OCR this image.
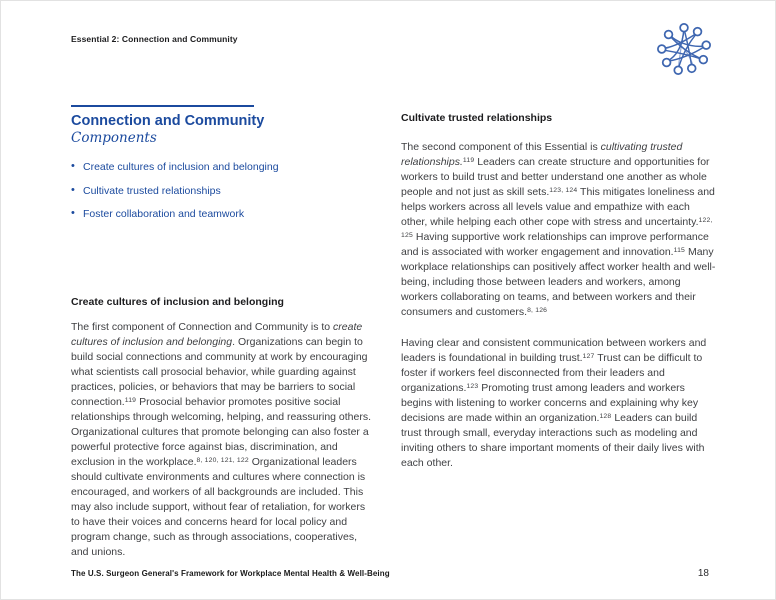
Essential 2: Connection and Community
Connection and Community
Components
• Create cultures of inclusion and belonging
• Cultivate trusted relationships
• Foster collaboration and teamwork
Create cultures of inclusion and belonging

The first component of Connection and Community is to create cultures of inclusion and belonging. Organizations can begin to build social connections and community at work by encouraging what scientists call prosocial behavior, while guarding against practices, policies, or behaviors that may be barriers to social connection.$^{119}$ Prosocial behavior promotes positive social relationships through welcoming, helping, and reassuring others. Organizational cultures that promote belonging can also foster a powerful protective force against bias, discrimination, and exclusion in the workplace.$^{8, 120, 121, 122}$ Organizational leaders should cultivate environments and cultures where connection is encouraged, and workers of all backgrounds are included. This may also include support, without fear of retaliation, for workers to have their voices and concerns heard for local policy and program change, such as through associations, cooperatives, and unions.

Cultivate trusted relationships

The second component of this Essential is cultivating trusted relationships.$^{119}$ Leaders can create structure and opportunities for workers to build trust and better understand one another as whole people and not just as skill sets.$^{123, 124}$ This mitigates loneliness and helps workers across all levels value and empathize with each other, while helping each other cope with stress and uncertainty.$^{122, 125}$ Having supportive work relationships can improve performance and is associated with worker engagement and innovation.$^{115}$ Many workplace relationships can positively affect worker health and well-being, including those between leaders and workers, among workers collaborating on teams, and between workers and their consumers and customers.$^{8, 126}$

Having clear and consistent communication between workers and leaders is foundational in building trust.$^{127}$ Trust can be difficult to foster if workers feel disconnected from their leaders and organizations.$^{123}$ Promoting trust among leaders and workers begins with listening to worker concerns and explaining why key decisions are made within an organization.$^{128}$ Leaders can build trust through small, everyday interactions such as modeling and inviting others to share important moments of their daily lives with each other.

The U.S. Surgeon General's Framework for Workplace Mental Health & Well-Being	18
